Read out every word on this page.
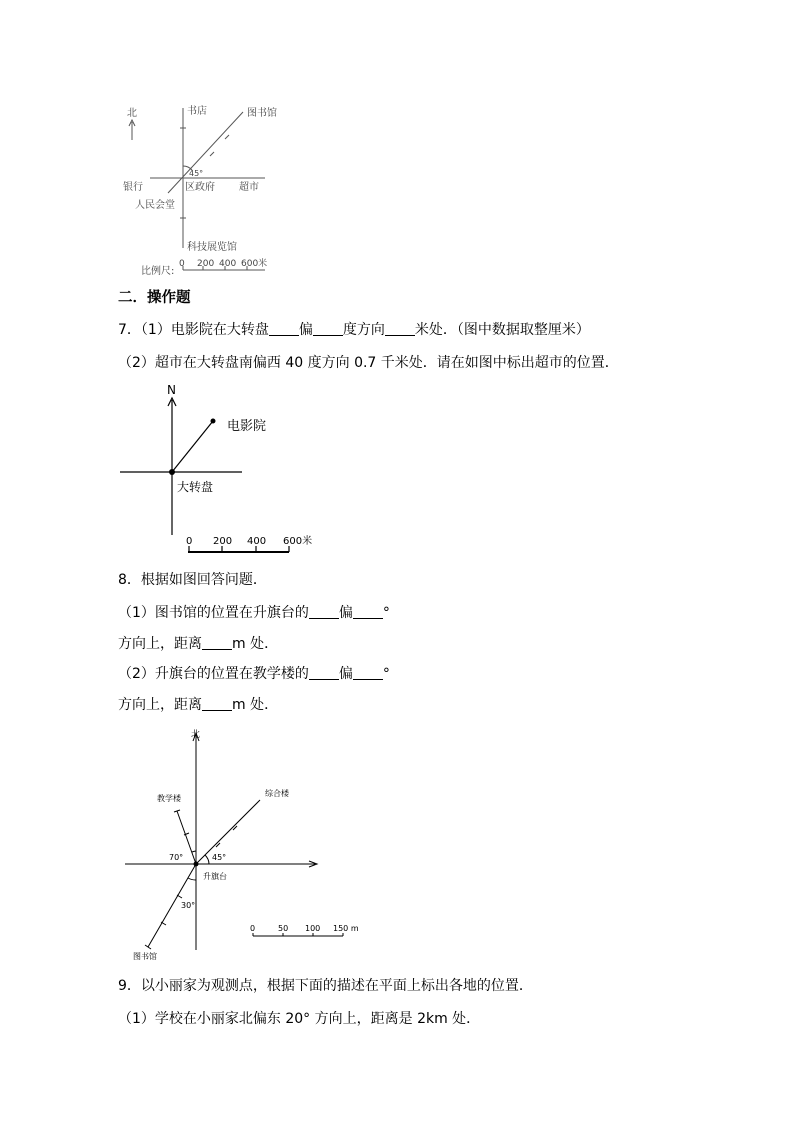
北	书店	图书馆
45°
银行	区政府 超市
人民会堂
科技展览馆
比例尺:
0 200 400 600米
二．操作题
7．（1）电影院在大转盘 偏 度方向 米处．（图中数据取整厘米）
（2）超市在大转盘南偏西 40 度方向 0.7 千米处．请在如图中标出超市的位置．
N
电影院
大转盘
0 200 400 600米
8．根据如图回答问题．
（1）图书馆的位置在升旗台的 偏 °
方向上，距离 m 处．
（2）升旗台的位置在教学楼的 偏 °
方向上，距离 m 处．
北
教学楼
综合楼
70°	45°
升旗台
30°
图书馆
0	50 100 150 m
9．以小丽家为观测点，根据下面的描述在平面上标出各地的位置．
（1）学校在小丽家北偏东 20° 方向上，距离是 2km 处．
